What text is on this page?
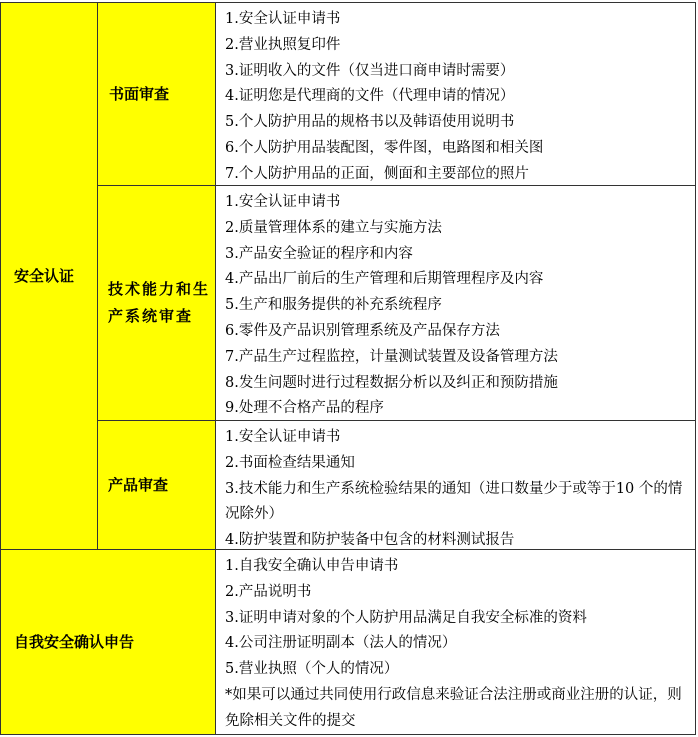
安全认证
书面审查
1.安全认证申请书
2.营业执照复印件
3.证明收入的文件（仅当进口商申请时需要）
4.证明您是代理商的文件（代理申请的情况）
5.个人防护用品的规格书以及韩语使用说明书
6.个人防护用品装配图，零件图，电路图和相关图
7.个人防护用品的正面，侧面和主要部位的照片
技术能力和生产系统审查
1.安全认证申请书
2.质量管理体系的建立与实施方法
3.产品安全验证的程序和内容
4.产品出厂前后的生产管理和后期管理程序及内容
5.生产和服务提供的补充系统程序
6.零件及产品识别管理系统及产品保存方法
7.产品生产过程监控，计量测试装置及设备管理方法
8.发生问题时进行过程数据分析以及纠正和预防措施
9.处理不合格产品的程序
产品审查
1.安全认证申请书
2.书面检查结果通知
3.技术能力和生产系统检验结果的通知（进口数量少于或等于10 个的情况除外）
4.防护装置和防护装备中包含的材料测试报告
自我安全确认申告
1.自我安全确认申告申请书
2.产品说明书
3.证明申请对象的个人防护用品满足自我安全标准的资料
4.公司注册证明副本（法人的情况）
5.营业执照（个人的情况）
*如果可以通过共同使用行政信息来验证合法注册或商业注册的认证，则免除相关文件的提交
